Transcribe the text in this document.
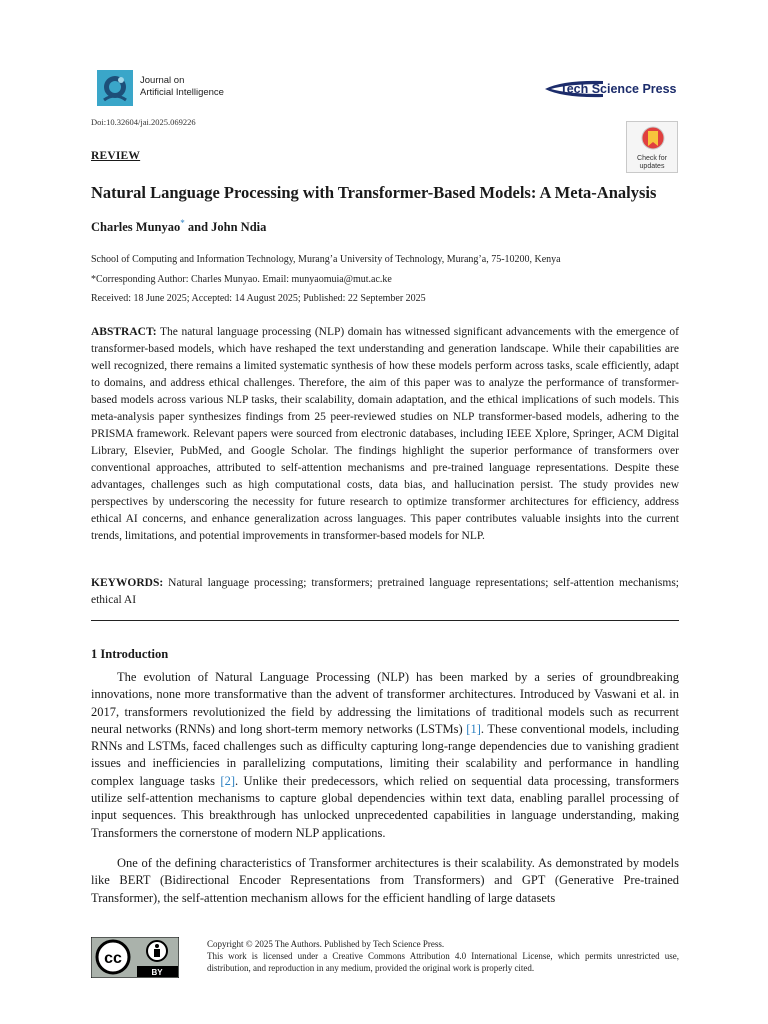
Journal on
Artificial Intelligence	Tech Science Press
Doi:10.32604/jai.2025.069226
Check for
updates
REVIEW
Natural Language Processing with Transformer-Based Models: A Meta-Analysis
Charles Munyao* and John Ndia
School of Computing and Information Technology, Murang’a University of Technology, Murang’a, 75-10200, Kenya
*Corresponding Author: Charles Munyao. Email: munyaomuia@mut.ac.ke
Received: 18 June 2025; Accepted: 14 August 2025; Published: 22 September 2025

ABSTRACT: The natural language processing (NLP) domain has witnessed significant advancements with the emergence of transformer-based models, which have reshaped the text understanding and generation landscape. While their capabilities are well recognized, there remains a limited systematic synthesis of how these models perform across tasks, scale efficiently, adapt to domains, and address ethical challenges. Therefore, the aim of this paper was to analyze the performance of transformer-based models across various NLP tasks, their scalability, domain adaptation, and the ethical implications of such models. This meta-analysis paper synthesizes findings from 25 peer-reviewed studies on NLP transformer-based models, adhering to the PRISMA framework. Relevant papers were sourced from electronic databases, including IEEE Xplore, Springer, ACM Digital Library, Elsevier, PubMed, and Google Scholar. The findings highlight the superior performance of transformers over conventional approaches, attributed to self-attention mechanisms and pre-trained language representations. Despite these advantages, challenges such as high computational costs, data bias, and hallucination persist. The study provides new perspectives by underscoring the necessity for future research to optimize transformer architectures for efficiency, address ethical AI concerns, and enhance generalization across languages. This paper contributes valuable insights into the current trends, limitations, and potential improvements in transformer-based models for NLP.

KEYWORDS: Natural language processing; transformers; pretrained language representations; self-attention mechanisms; ethical AI

1 Introduction

The evolution of Natural Language Processing (NLP) has been marked by a series of groundbreaking innovations, none more transformative than the advent of transformer architectures. Introduced by Vaswani et al. in 2017, transformers revolutionized the field by addressing the limitations of traditional models such as recurrent neural networks (RNNs) and long short-term memory networks (LSTMs) [1]. These conventional models, including RNNs and LSTMs, faced challenges such as difficulty capturing long-range dependencies due to vanishing gradient issues and inefficiencies in parallelizing computations, limiting their scalability and performance in handling complex language tasks [2]. Unlike their predecessors, which relied on sequential data processing, transformers utilize self-attention mechanisms to capture global dependencies within text data, enabling parallel processing of input sequences. This breakthrough has unlocked unprecedented capabilities in language understanding, making Transformers the cornerstone of modern NLP applications.

One of the defining characteristics of Transformer architectures is their scalability. As demonstrated by models like BERT (Bidirectional Encoder Representations from Transformers) and GPT (Generative Pre-trained Transformer), the self-attention mechanism allows for the efficient handling of large datasets

cc
BY
Copyright © 2025 The Authors. Published by Tech Science Press.
This work is licensed under a Creative Commons Attribution 4.0 International License, which permits unrestricted use, distribution, and reproduction in any medium, provided the original work is properly cited.
